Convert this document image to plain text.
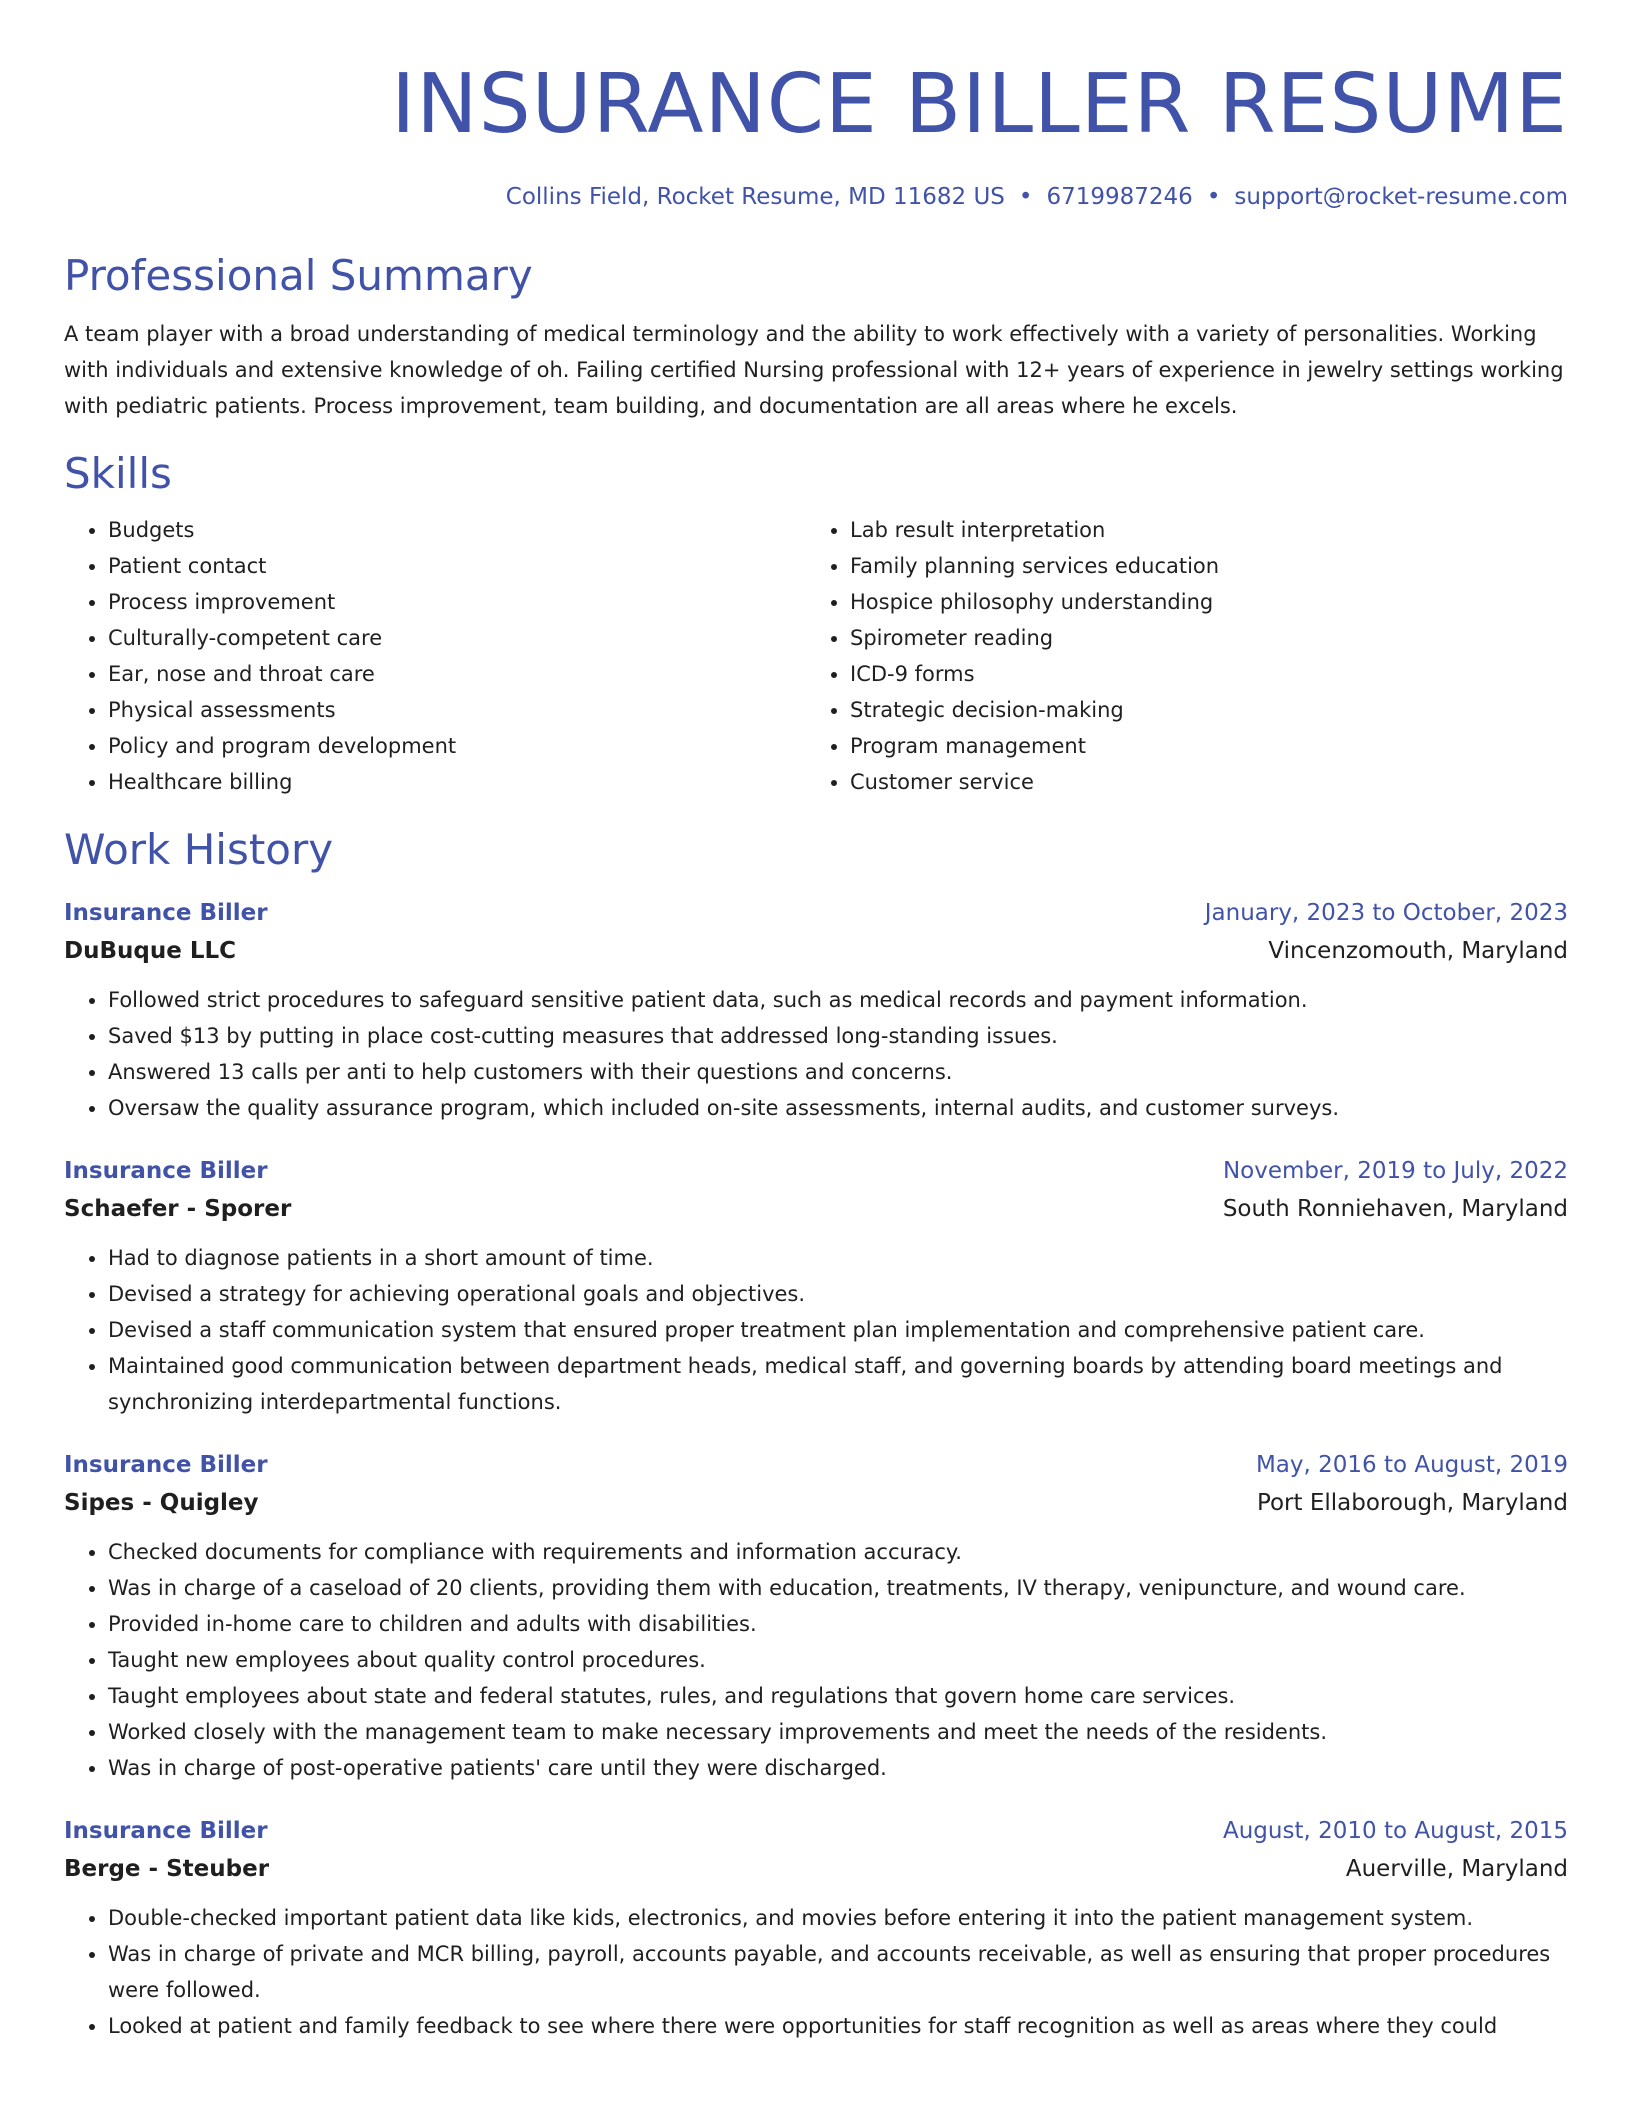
INSURANCE BILLER RESUME
Collins Field, Rocket Resume, MD 11682 US • 6719987246 • support@rocket-resume.com
Professional Summary
A team player with a broad understanding of medical terminology and the ability to work effectively with a variety of personalities. Working with individuals and extensive knowledge of oh. Failing certified Nursing professional with 12+ years of experience in jewelry settings working with pediatric patients. Process improvement, team building, and documentation are all areas where he excels.
Skills
• Budgets
• Patient contact
• Process improvement
• Culturally-competent care
• Ear, nose and throat care
• Physical assessments
• Policy and program development
• Healthcare billing
• Lab result interpretation
• Family planning services education
• Hospice philosophy understanding
• Spirometer reading
• ICD-9 forms
• Strategic decision-making
• Program management
• Customer service
Work History
Insurance Biller	January, 2023 to October, 2023
DuBuque LLC	Vincenzomouth, Maryland
• Followed strict procedures to safeguard sensitive patient data, such as medical records and payment information.
• Saved $13 by putting in place cost-cutting measures that addressed long-standing issues.
• Answered 13 calls per anti to help customers with their questions and concerns.
• Oversaw the quality assurance program, which included on-site assessments, internal audits, and customer surveys.
Insurance Biller	November, 2019 to July, 2022
Schaefer - Sporer	South Ronniehaven, Maryland
• Had to diagnose patients in a short amount of time.
• Devised a strategy for achieving operational goals and objectives.
• Devised a staff communication system that ensured proper treatment plan implementation and comprehensive patient care.
• Maintained good communication between department heads, medical staff, and governing boards by attending board meetings and synchronizing interdepartmental functions.
Insurance Biller	May, 2016 to August, 2019
Sipes - Quigley	Port Ellaborough, Maryland
• Checked documents for compliance with requirements and information accuracy.
• Was in charge of a caseload of 20 clients, providing them with education, treatments, IV therapy, venipuncture, and wound care.
• Provided in-home care to children and adults with disabilities.
• Taught new employees about quality control procedures.
• Taught employees about state and federal statutes, rules, and regulations that govern home care services.
• Worked closely with the management team to make necessary improvements and meet the needs of the residents.
• Was in charge of post-operative patients' care until they were discharged.
Insurance Biller	August, 2010 to August, 2015
Berge - Steuber	Auerville, Maryland
• Double-checked important patient data like kids, electronics, and movies before entering it into the patient management system.
• Was in charge of private and MCR billing, payroll, accounts payable, and accounts receivable, as well as ensuring that proper procedures were followed.
• Looked at patient and family feedback to see where there were opportunities for staff recognition as well as areas where they could
